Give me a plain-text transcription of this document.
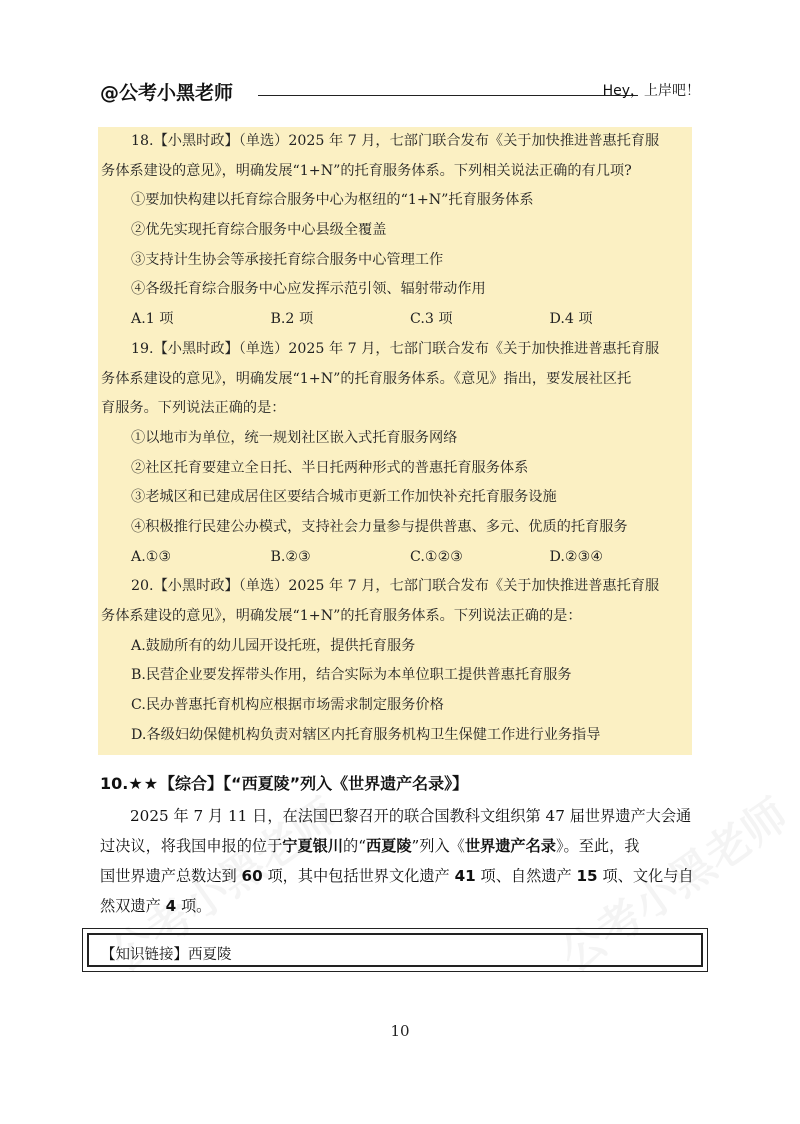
@公考小黑老师	Hey，上岸吧！
18.【小黑时政】（单选）2025 年 7 月，七部门联合发布《关于加快推进普惠托育服
务体系建设的意见》，明确发展“1+N”的托育服务体系。下列相关说法正确的有几项?
①要加快构建以托育综合服务中心为枢纽的“1+N”托育服务体系
②优先实现托育综合服务中心县级全覆盖
③支持计生协会等承接托育综合服务中心管理工作
④各级托育综合服务中心应发挥示范引领、辐射带动作用
A.1 项	B.2 项	C.3 项	D.4 项
19.【小黑时政】（单选）2025 年 7 月，七部门联合发布《关于加快推进普惠托育服
务体系建设的意见》，明确发展“1+N”的托育服务体系。《意见》指出，要发展社区托
育服务。下列说法正确的是：
①以地市为单位，统一规划社区嵌入式托育服务网络
②社区托育要建立全日托、半日托两种形式的普惠托育服务体系
③老城区和已建成居住区要结合城市更新工作加快补充托育服务设施
④积极推行民建公办模式，支持社会力量参与提供普惠、多元、优质的托育服务
A.①③	B.②③	C.①②③	D.②③④
20.【小黑时政】（单选）2025 年 7 月，七部门联合发布《关于加快推进普惠托育服
务体系建设的意见》，明确发展“1+N”的托育服务体系。下列说法正确的是：
A.鼓励所有的幼儿园开设托班，提供托育服务
B.民营企业要发挥带头作用，结合实际为本单位职工提供普惠托育服务
C.民办普惠托育机构应根据市场需求制定服务价格
D.各级妇幼保健机构负责对辖区内托育服务机构卫生保健工作进行业务指导
10.★★【综合】【“西夏陵”列入《世界遗产名录》】

2025 年 7 月 11 日，在法国巴黎召开的联合国教科文组织第 47 届世界遗产大会通

过决议，将我国申报的位于宁夏银川的“西夏陵”列入《世界遗产名录》。至此，我

国世界遗产总数达到 60 项，其中包括世界文化遗产 41 项、自然遗产 15 项、文化与自

然双遗产 4 项。

【知识链接】西夏陵
10
